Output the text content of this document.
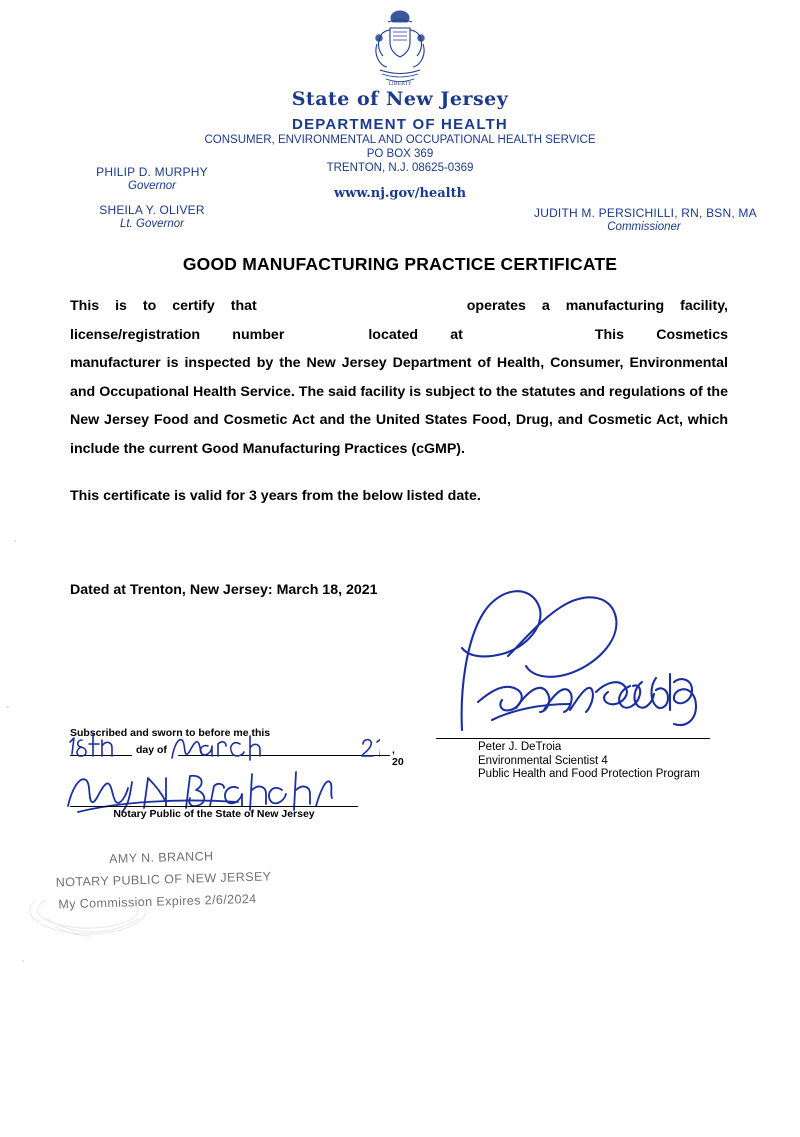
LIBERTY
State of New Jersey
DEPARTMENT OF HEALTH
CONSUMER, ENVIRONMENTAL AND OCCUPATIONAL HEALTH SERVICE
PO BOX 369
TRENTON, N.J. 08625-0369
www.nj.gov/health
PHILIP D. MURPHY
Governor
SHEILA Y. OLIVER
Lt. Governor
JUDITH M. PERSICHILLI, RN, BSN, MA
Commissioner
GOOD MANUFACTURING PRACTICE CERTIFICATE

This is to certify that	operates a manufacturing facility, license/registration number	located at	This Cosmetics manufacturer is inspected by the New Jersey Department of Health, Consumer, Environmental and Occupational Health Service. The said facility is subject to the statutes and regulations of the New Jersey Food and Cosmetic Act and the United States Food, Drug, and Cosmetic Act, which include the current Good Manufacturing Practices (cGMP).

This certificate is valid for 3 years from the below listed date.

Dated at Trenton, New Jersey: March 18, 2021
Peter J. DeTroia
Environmental Scientist 4
Public Health and Food Protection Program
Subscribed and sworn to before me this
day of	, 20
Notary Public of the State of New Jersey
AMY N. BRANCH
NOTARY PUBLIC OF NEW JERSEY
My Commission Expires 2/6/2024
